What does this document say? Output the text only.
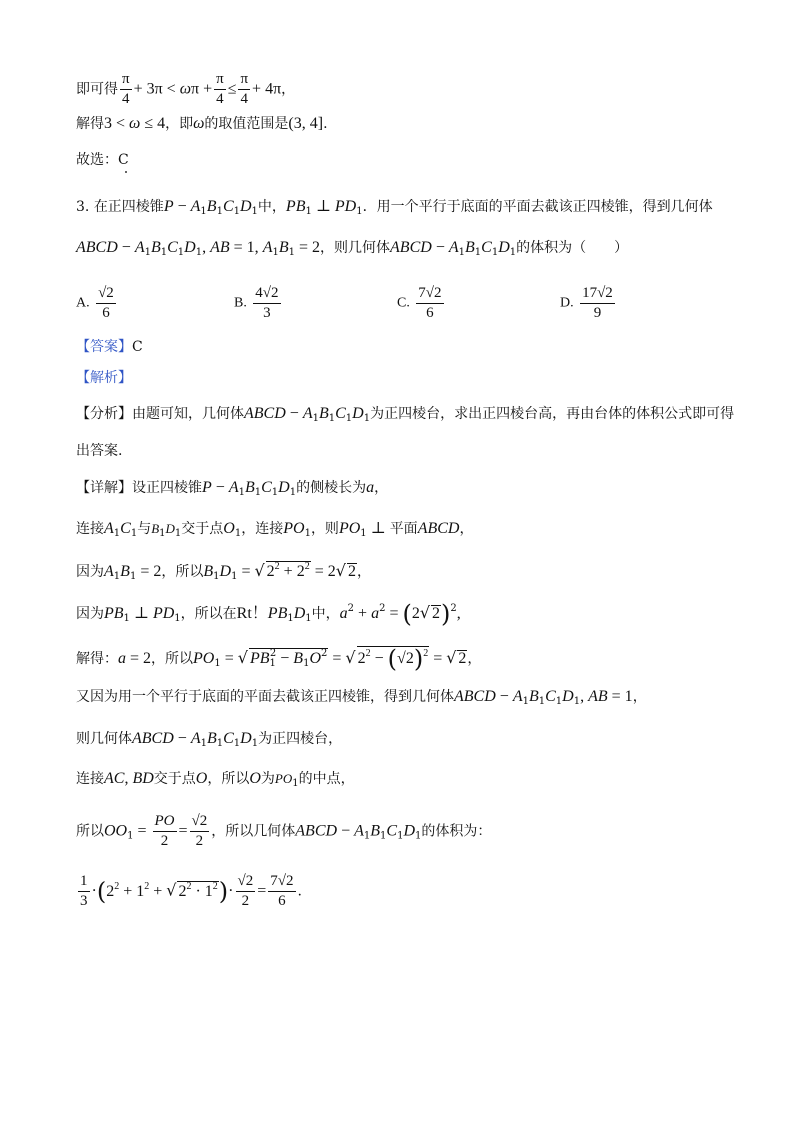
即可得 $\frac{\pi}{4} + 3\pi < \omega\pi + \frac{\pi}{4} \le \frac{\pi}{4} + 4\pi$，
解得3 < ω ≤ 4，即ω的取值范围是(3, 4].
故选：C
3. 在正四棱锥$P - A_1B_1C_1D_1$中，$PB_1$ ⊥ $PD_1$．用一个平行于底面的平面去截该正四棱锥，得到几何体
ABCD − $A_1B_1C_1D_1$, AB = 1, $A_1B_1 = 2$，则几何体ABCD − $A_1B_1C_1D_1$的体积为（　　）
A. $\frac{√2}{6}$	B. $\frac{4√2}{3}$	C. $\frac{7√2}{6}$	D. $\frac{17√2}{9}$
【答案】C
【解析】
【分析】由题可知，几何体ABCD − $A_1B_1C_1D_1$为正四棱台，求出正四棱台高，再由台体的体积公式即可得
出答案.
【详解】设正四棱锥$P - A_1B_1C_1D_1$的侧棱长为a，
连接$A_1C_1$与$B_1D_1$交于点$O_1$，连接$PO_1$，则$PO_1$ ⊥ 平面ABCD，
因为$A_1B_1 = 2$，所以$B_1D_1$ = √ $2^2 + 2^2 = 2√$ 2，
因为$PB_1$ ⊥ $PD_1$，所以在Rt！$PB_1D_1$中，$a^2 + a^2 = (2√$ 2)$^2$,
解得：a = 2，所以$PO_1$ = √ $PB_1^2 - B_1O^2$ = √ $2^2 - (√2)^2$ = √ 2，
又因为用一个平行于底面的平面去截该正四棱锥，得到几何体ABCD − $A_1B_1C_1D_1$, AB = 1，
则几何体ABCD − $A_1B_1C_1D_1$为正四棱台，
连接AC, BD交于点O，所以O为$PO_1$的中点，
所以$OO_1 = \frac{PO}{2} = \frac{√2}{2}$ ，所以几何体ABCD − $A_1B_1C_1D_1$的体积为：
$\frac{1}{3} \cdot(2^2 + 1^2$ + √ $2^2 \cdot 1^2)\cdot \frac{√2}{2} = \frac{7√2}{6}$ .
